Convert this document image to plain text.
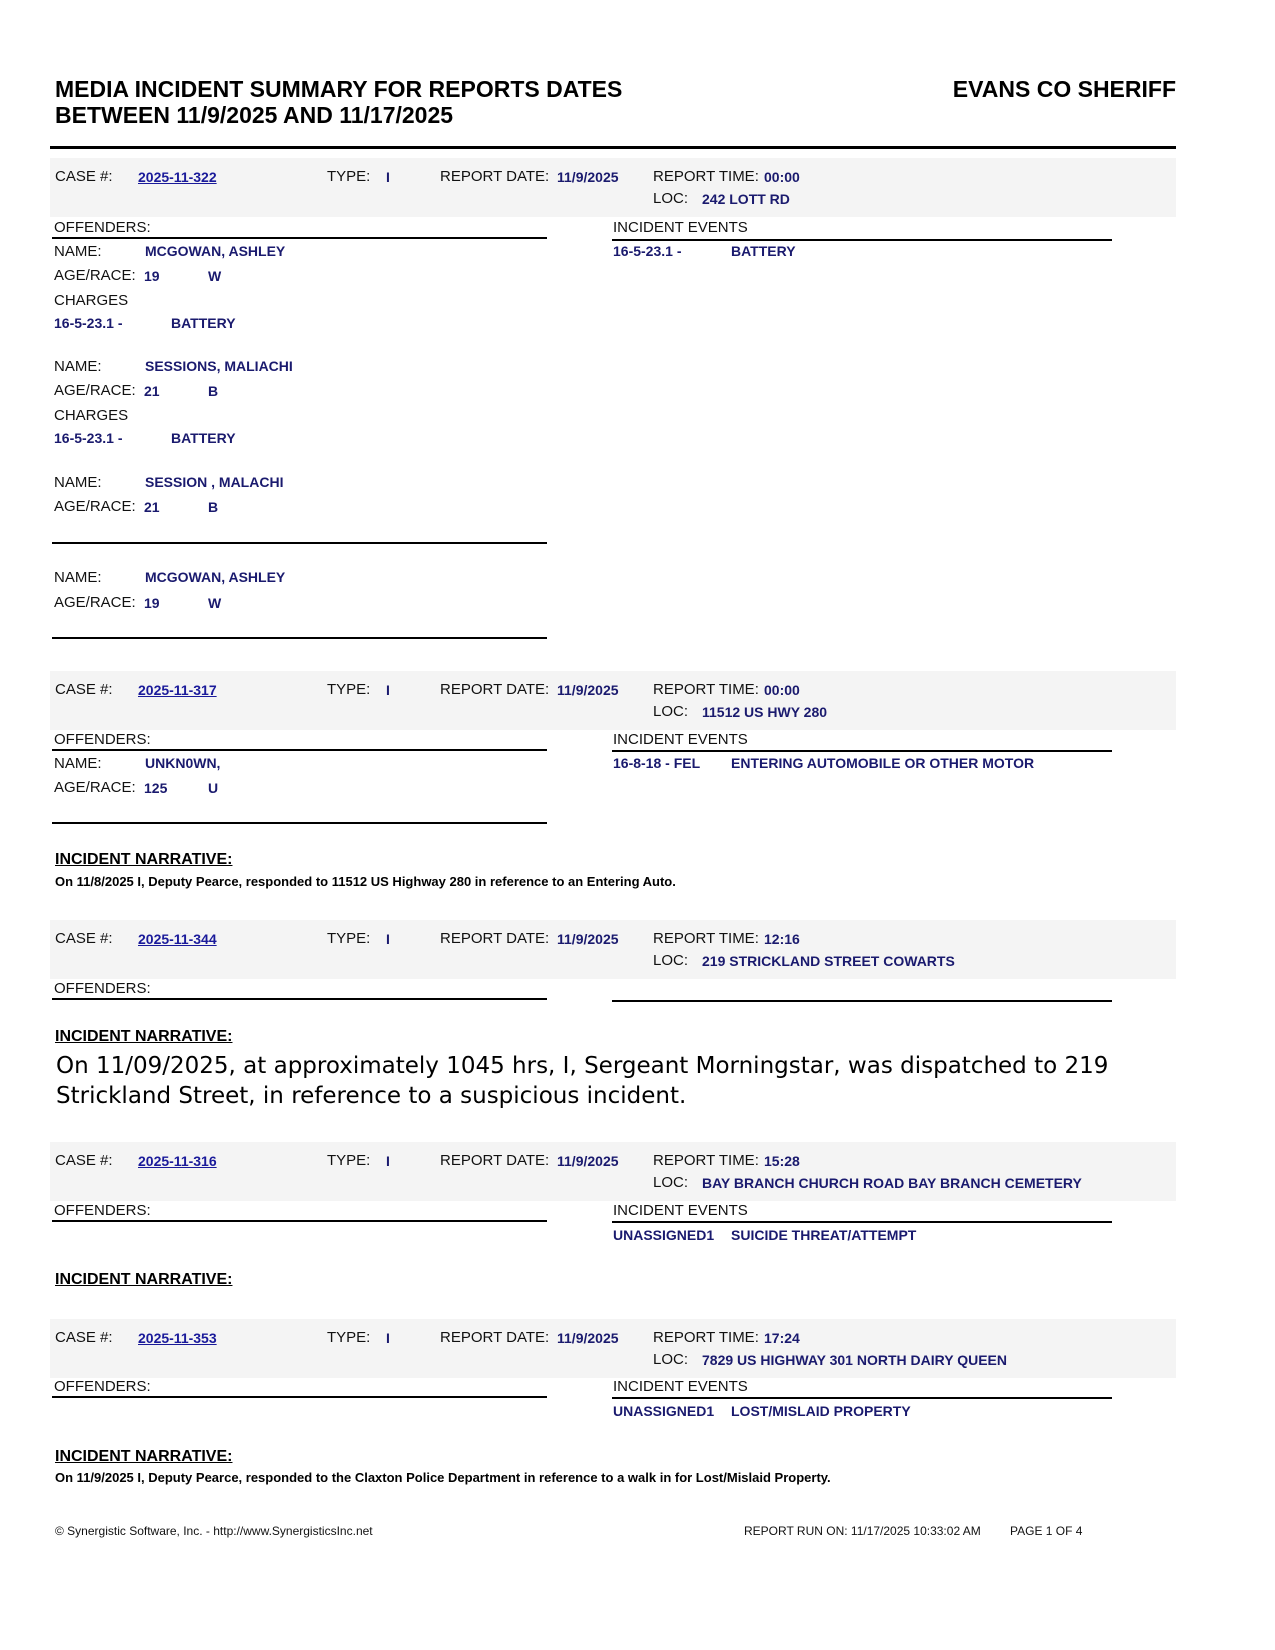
MEDIA INCIDENT SUMMARY FOR REPORTS DATES
BETWEEN 11/9/2025 AND 11/17/2025
EVANS CO SHERIFF
CASE #: 2025-11-322	TYPE: I	REPORT DATE: 11/9/2025 REPORT TIME: 00:00
LOC: 242 LOTT RD
OFFENDERS:	INCIDENT EVENTS
16-5-23.1 -	BATTERY
NAME:	MCGOWAN, ASHLEY
AGE/RACE: 19	W
CHARGES
16-5-23.1 -	BATTERY
NAME:	SESSIONS, MALIACHI
AGE/RACE: 21	B
CHARGES
16-5-23.1 -	BATTERY
NAME:	SESSION , MALACHI
AGE/RACE: 21	B
NAME:	MCGOWAN, ASHLEY
AGE/RACE: 19	W
CASE #: 2025-11-317	TYPE: I	REPORT DATE: 11/9/2025 REPORT TIME: 00:00
LOC: 11512 US HWY 280
OFFENDERS:	INCIDENT EVENTS
16-8-18 - FEL ENTERING AUTOMOBILE OR OTHER MOTOR
NAME:	UNKN0WN,
AGE/RACE: 125	U
INCIDENT NARRATIVE:
On 11/8/2025 I, Deputy Pearce, responded to 11512 US Highway 280 in reference to an Entering Auto.
CASE #: 2025-11-344	TYPE: I	REPORT DATE: 11/9/2025 REPORT TIME: 12:16
LOC: 219 STRICKLAND STREET COWARTS
OFFENDERS:
INCIDENT NARRATIVE:
On 11/09/2025, at approximately 1045 hrs, I, Sergeant Morningstar, was dispatched to 219 Strickland Street, in reference to a suspicious incident.
CASE #: 2025-11-316	TYPE: I	REPORT DATE: 11/9/2025 REPORT TIME: 15:28
LOC: BAY BRANCH CHURCH ROAD BAY BRANCH CEMETERY
OFFENDERS:	INCIDENT EVENTS
UNASSIGNED1 SUICIDE THREAT/ATTEMPT
INCIDENT NARRATIVE:
CASE #: 2025-11-353	TYPE: I	REPORT DATE: 11/9/2025 REPORT TIME: 17:24
LOC: 7829 US HIGHWAY 301 NORTH DAIRY QUEEN
OFFENDERS:	INCIDENT EVENTS
UNASSIGNED1 LOST/MISLAID PROPERTY
INCIDENT NARRATIVE:
On 11/9/2025 I, Deputy Pearce, responded to the Claxton Police Department in reference to a walk in for Lost/Mislaid Property.
© Synergistic Software, Inc. - http://www.SynergisticsInc.net	REPORT RUN ON: 11/17/2025 10:33:02 AM PAGE 1 OF 4
